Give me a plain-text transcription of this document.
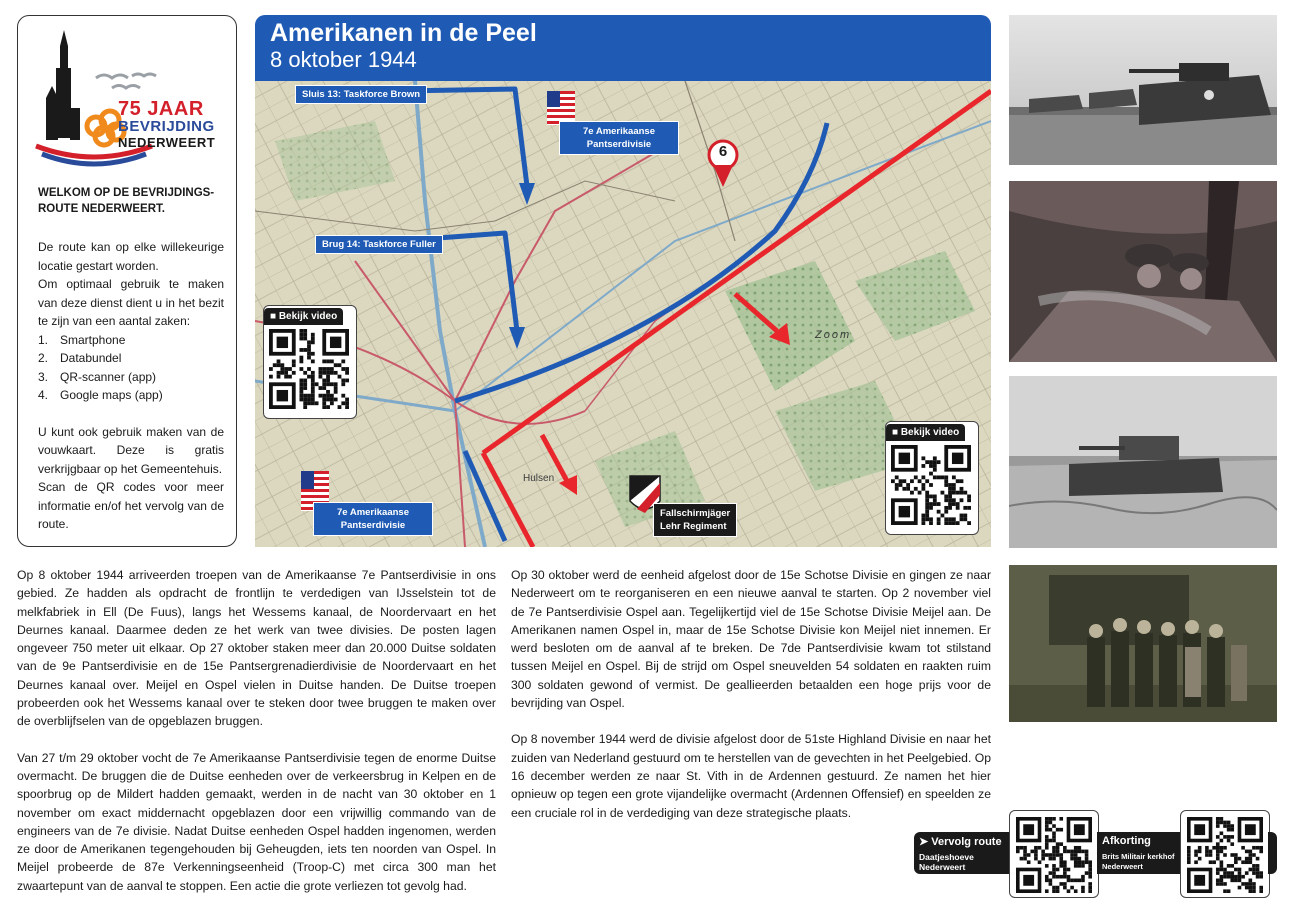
75 JAAR
BEVRIJDING
NEDERWEERT
WELKOM OP DE BEVRIJDINGS-ROUTE NEDERWEERT.

De route kan op elke willekeurige locatie gestart worden.

Om optimaal gebruik te maken van deze dienst dient u in het bezit te zijn van een aantal zaken:

1. Smartphone
2. Databundel
3. QR-scanner (app)
4. Google maps (app)

U kunt ook gebruik maken van de vouwkaart. Deze is gratis verkrijgbaar op het Gemeentehuis.

Scan de QR codes voor meer informatie en/of het vervolg van de route.

Amerikanen in de Peel
8 oktober 1944
Sluis 13: Taskforce Brown
Brug 14: Taskforce Fuller
7e Amerikaanse
Pantserdivisie
7e Amerikaanse
Pantserdivisie
Fallschirmjäger
Lehr Regiment
6
Zoom
Hulsen
■ Bekijk video
■ Bekijk video

Op 8 oktober 1944 arriveerden troepen van de Amerikaanse 7e Pantserdivisie in ons gebied. Ze hadden als opdracht de frontlijn te verdedigen van IJsselstein tot de melkfabriek in Ell (De Fuus), langs het Wessems kanaal, de Noordervaart en het Deurnes kanaal. Daarmee deden ze het werk van twee divisies. De posten lagen ongeveer 750 meter uit elkaar. Op 27 oktober staken meer dan 20.000 Duitse soldaten van de 9e Pantserdivisie en de 15e Pantsergrenadierdivisie de Noordervaart en het Deurnes kanaal over. Meijel en Ospel vielen in Duitse handen. De Duitse troepen probeerden ook het Wessems kanaal over te steken door twee bruggen te maken over de overblijfselen van de opgeblazen bruggen.

Van 27 t/m 29 oktober vocht de 7e Amerikaanse Pantserdivisie tegen de enorme Duitse overmacht. De bruggen die de Duitse eenheden over de verkeersbrug in Kelpen en de spoorbrug op de Mildert hadden gemaakt, werden in de nacht van 30 oktober en 1 november om exact middernacht opgeblazen door een vrijwillig commando van de engineers van de 7e divisie. Nadat Duitse eenheden Ospel hadden ingenomen, werden ze door de Amerikanen tegengehouden bij Geheugden, iets ten noorden van Ospel. In Meijel probeerde de 87e Verkenningseenheid (Troop-C) met circa 300 man het zwaartepunt van de aanval te stoppen. Een actie die grote verliezen tot gevolg had.

Op 30 oktober werd de eenheid afgelost door de 15e Schotse Divisie en gingen ze naar Nederweert om te reorganiseren en een nieuwe aanval te starten. Op 2 november viel de 7e Pantserdivisie Ospel aan. Tegelijkertijd viel de 15e Schotse Divisie Meijel aan. De Amerikanen namen Ospel in, maar de 15e Schotse Divisie kon Meijel niet innemen. Er werd besloten om de aanval af te breken. De 7de Pantserdivisie kwam tot stilstand tussen Meijel en Ospel. Bij de strijd om Ospel sneuvelden 54 soldaten en raakten ruim 300 soldaten gewond of vermist. De geallieerden betaalden een hoge prijs voor de bevrijding van Ospel.

Op 8 november 1944 werd de divisie afgelost door de 51ste Highland Divisie en naar het zuiden van Nederland gestuurd om te herstellen van de gevechten in het Peelgebied. Op 16 december werden ze naar St. Vith in de Ardennen gestuurd. Ze namen het hier opnieuw op tegen een grote vijandelijke overmacht (Ardennen Offensief) en speelden ze een cruciale rol in de verdediging van deze strategische plaats.

➤ Vervolg route
Daatjeshoeve
Nederweert
Afkorting
Brits Militair kerkhof
Nederweert
